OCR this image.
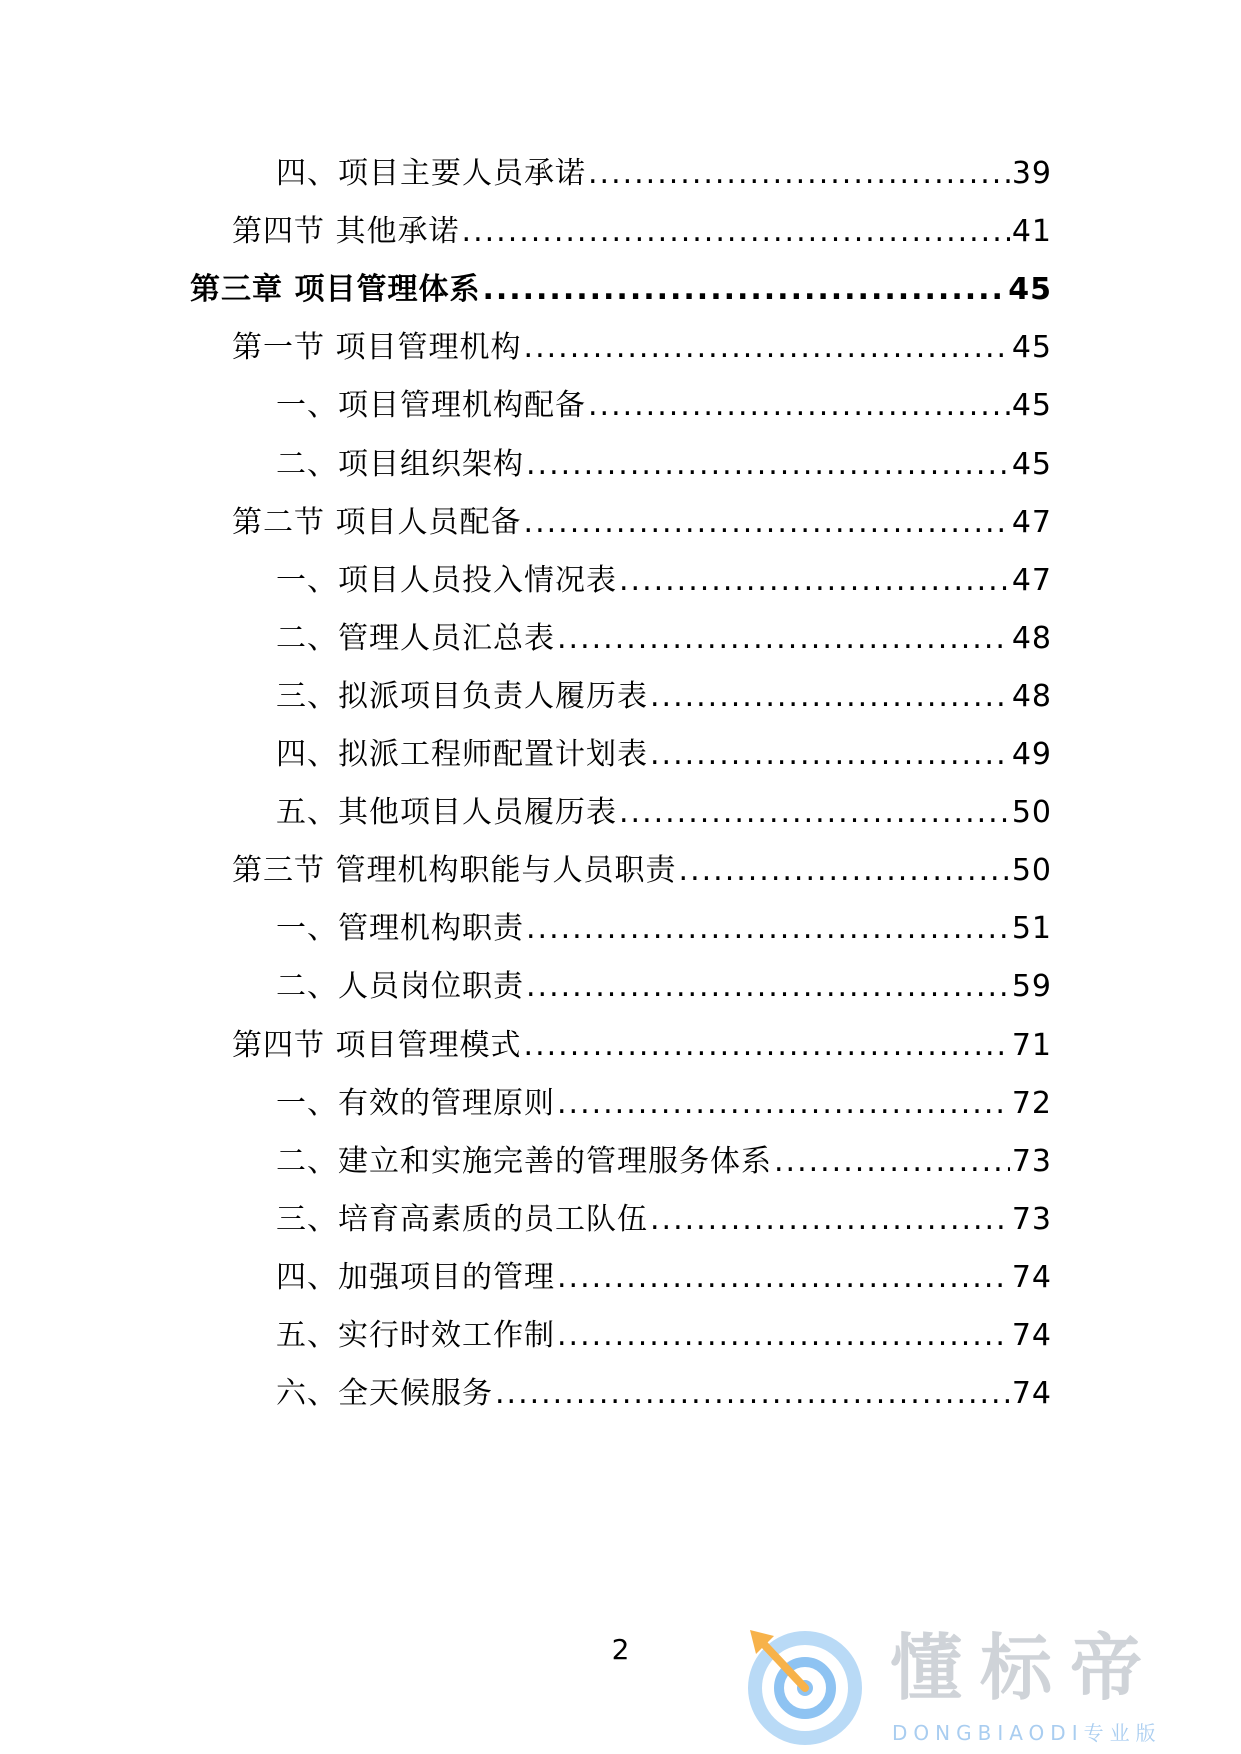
四、项目主要人员承诺 .....	39
第四节 其他承诺 .....	41
第三章 项目管理体系 .....	45
第一节 项目管理机构 .....	45
一、项目管理机构配备 .....	45
二、项目组织架构 .....	45
第二节 项目人员配备 .....	47
一、项目人员投入情况表 .....	47
二、管理人员汇总表 .....	48
三、拟派项目负责人履历表 .....	48
四、拟派工程师配置计划表 .....	49
五、其他项目人员履历表 .....	50
第三节 管理机构职能与人员职责 .....	50
一、管理机构职责 .....	51
二、人员岗位职责 .....	59
第四节 项目管理模式 .....	71
一、有效的管理原则 .....	72
二、建立和实施完善的管理服务体系 .....	73
三、培育高素质的员工队伍 .....	73
四、加强项目的管理 .....	74
五、实行时效工作制 .....	74
六、全天候服务 .....	74
2	懂标帝
DONGBIAODI专业版
